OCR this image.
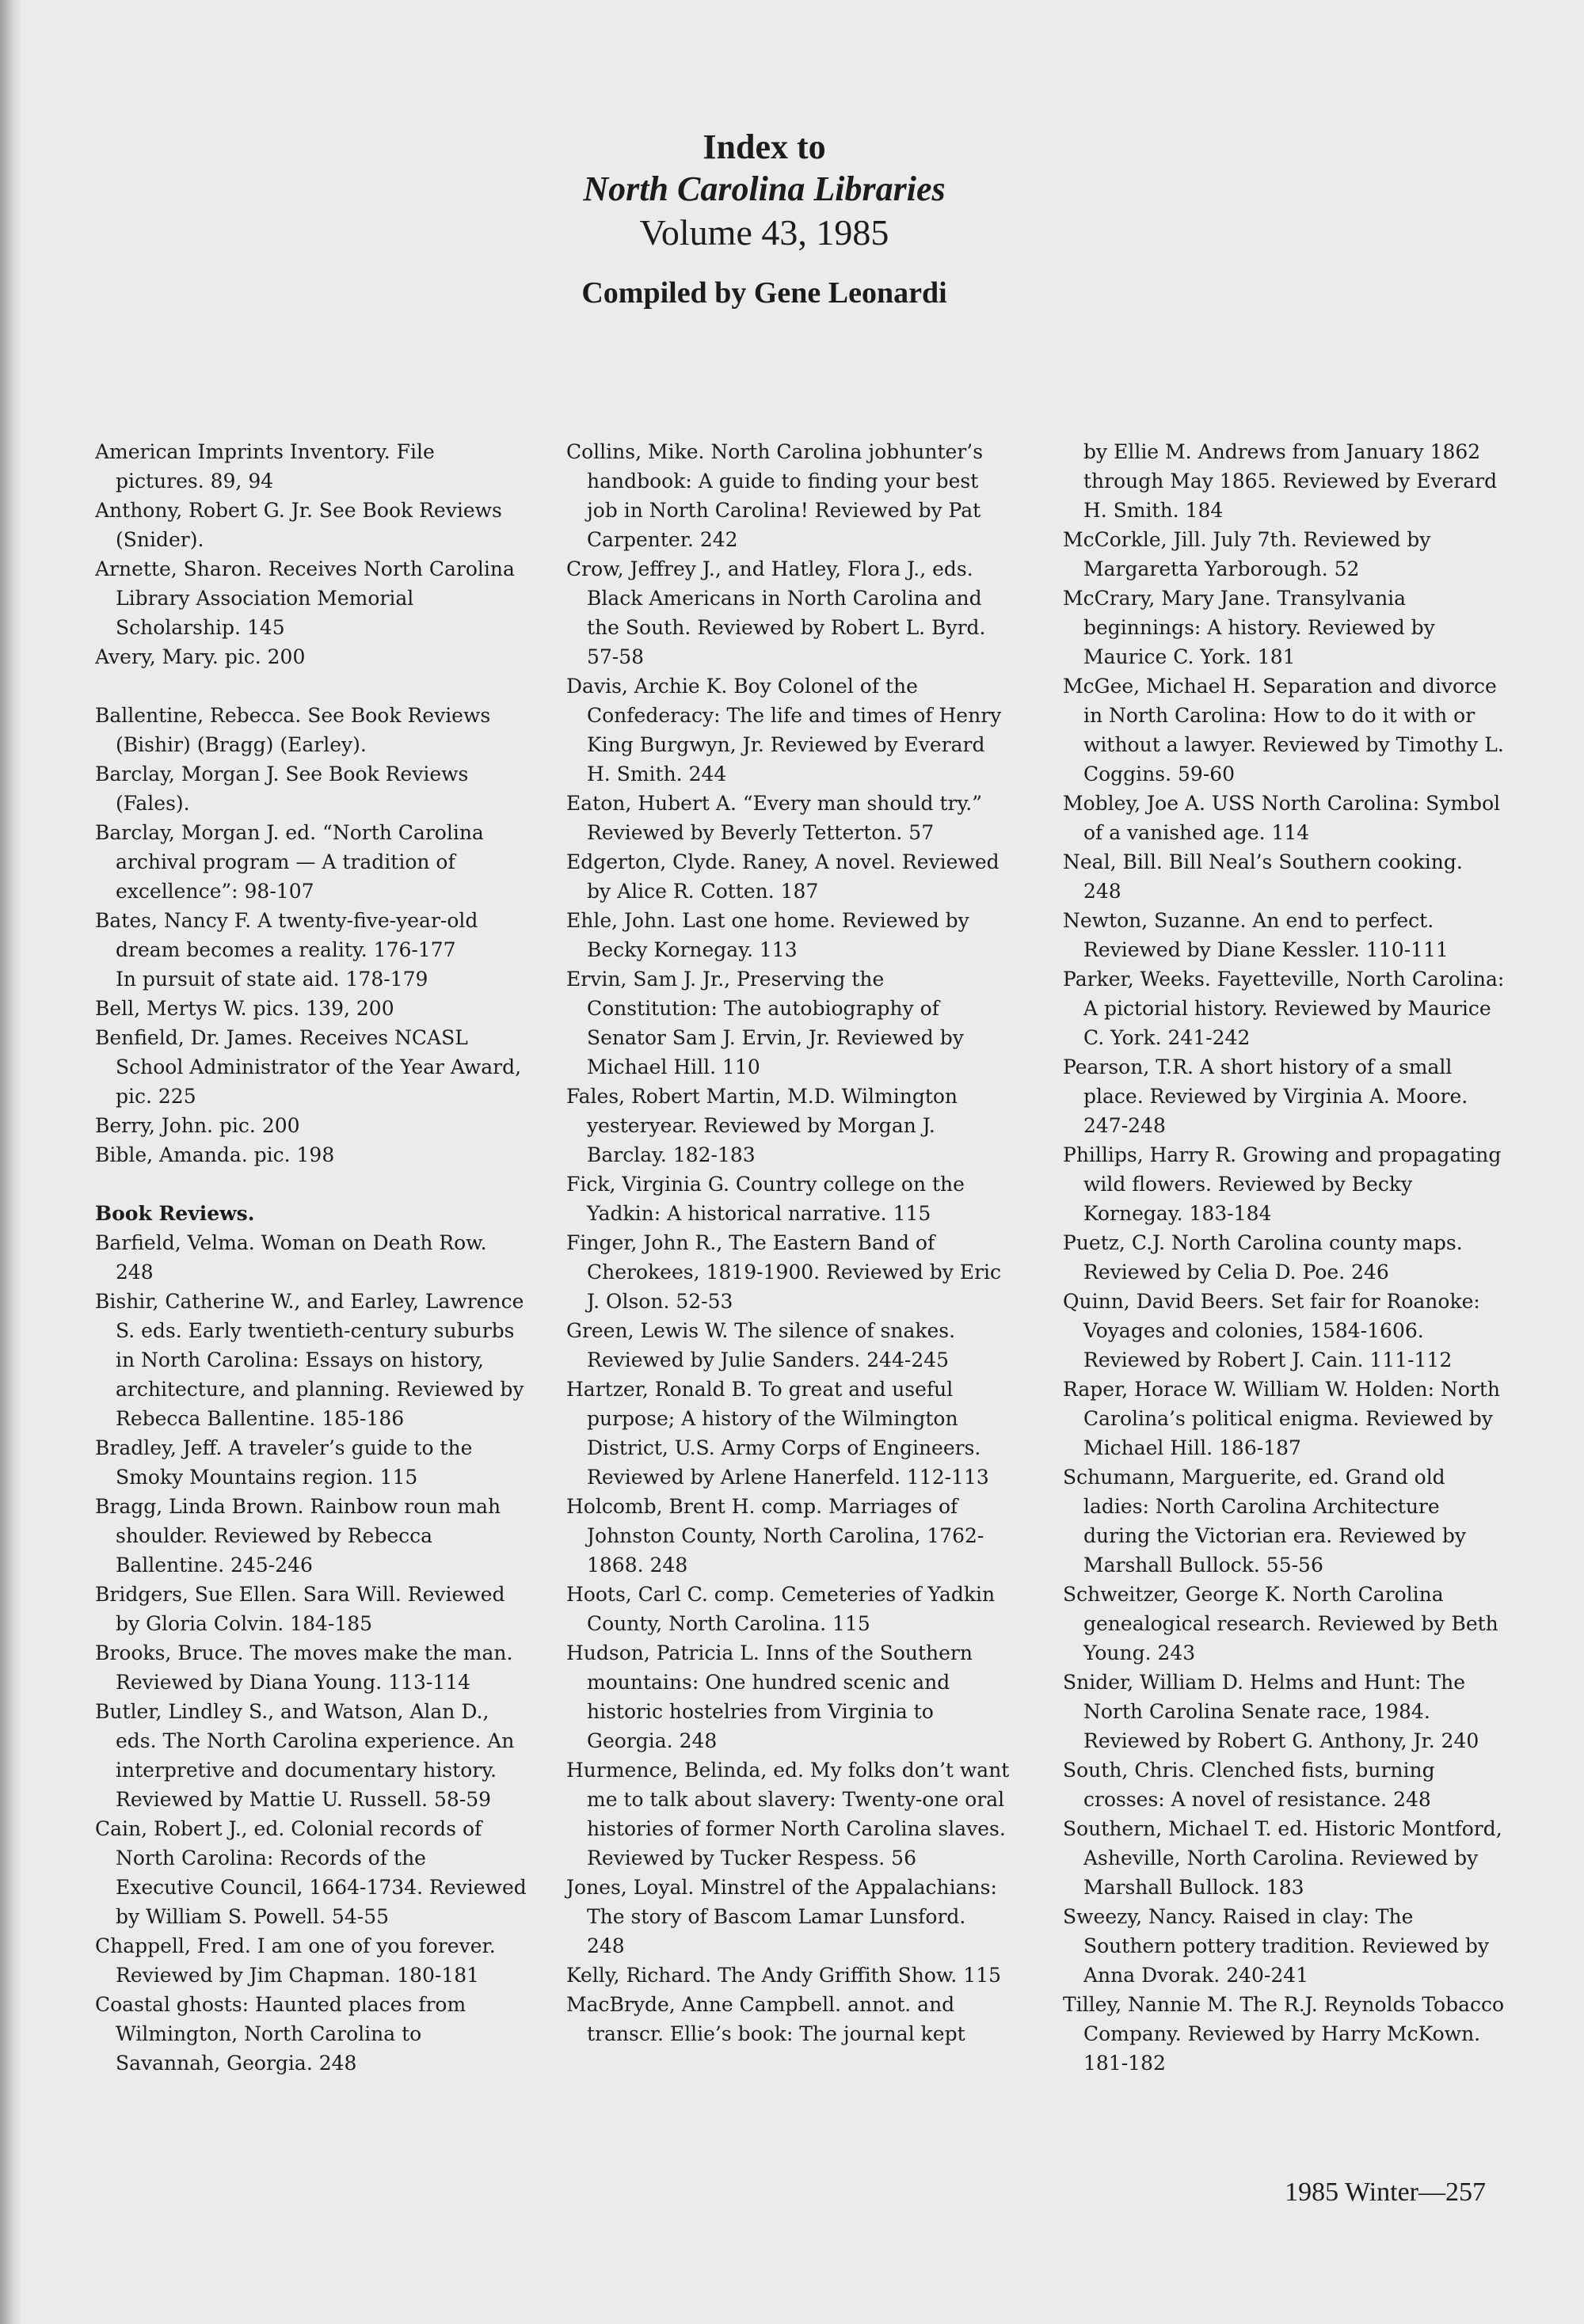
Index to
North Carolina Libraries
Volume 43, 1985
Compiled by Gene Leonardi

American Imprints Inventory. File pictures. 89, 94

Anthony, Robert G. Jr. See Book Reviews (Snider).

Arnette, Sharon. Receives North Carolina Library Association Memorial Scholarship. 145

Avery, Mary. pic. 200

Ballentine, Rebecca. See Book Reviews (Bishir) (Bragg) (Earley).

Barclay, Morgan J. See Book Reviews (Fales).

Barclay, Morgan J. ed. “North Carolina archival program — A tradition of excellence”: 98-107

Bates, Nancy F. A twenty-five-year-old dream becomes a reality. 176-177

In pursuit of state aid. 178-179

Bell, Mertys W. pics. 139, 200

Benfield, Dr. James. Receives NCASL School Administrator of the Year Award, pic. 225

Berry, John. pic. 200

Bible, Amanda. pic. 198

Book Reviews.

Barfield, Velma. Woman on Death Row. 248

Bishir, Catherine W., and Earley, Lawrence S. eds. Early twentieth-century suburbs in North Carolina: Essays on history, architecture, and planning. Reviewed by Rebecca Ballentine. 185-186

Bradley, Jeff. A traveler’s guide to the Smoky Mountains region. 115

Bragg, Linda Brown. Rainbow roun mah shoulder. Reviewed by Rebecca Ballentine. 245-246

Bridgers, Sue Ellen. Sara Will. Reviewed by Gloria Colvin. 184-185

Brooks, Bruce. The moves make the man. Reviewed by Diana Young. 113-114

Butler, Lindley S., and Watson, Alan D., eds. The North Carolina experience. An interpretive and documentary history. Reviewed by Mattie U. Russell. 58-59

Cain, Robert J., ed. Colonial records of North Carolina: Records of the Executive Council, 1664-1734. Reviewed by William S. Powell. 54-55

Chappell, Fred. I am one of you forever. Reviewed by Jim Chapman. 180-181

Coastal ghosts: Haunted places from Wilmington, North Carolina to Savannah, Georgia. 248

Collins, Mike. North Carolina jobhunter’s handbook: A guide to finding your best job in North Carolina! Reviewed by Pat Carpenter. 242

Crow, Jeffrey J., and Hatley, Flora J., eds. Black Americans in North Carolina and the South. Reviewed by Robert L. Byrd. 57-58

Davis, Archie K. Boy Colonel of the Confederacy: The life and times of Henry King Burgwyn, Jr. Reviewed by Everard H. Smith. 244

Eaton, Hubert A. “Every man should try.” Reviewed by Beverly Tetterton. 57

Edgerton, Clyde. Raney, A novel. Reviewed by Alice R. Cotten. 187

Ehle, John. Last one home. Reviewed by Becky Kornegay. 113

Ervin, Sam J. Jr., Preserving the Constitution: The autobiography of Senator Sam J. Ervin, Jr. Reviewed by Michael Hill. 110

Fales, Robert Martin, M.D. Wilmington yesteryear. Reviewed by Morgan J. Barclay. 182-183

Fick, Virginia G. Country college on the Yadkin: A historical narrative. 115

Finger, John R., The Eastern Band of Cherokees, 1819-1900. Reviewed by Eric J. Olson. 52-53

Green, Lewis W. The silence of snakes. Reviewed by Julie Sanders. 244-245

Hartzer, Ronald B. To great and useful purpose; A history of the Wilmington District, U.S. Army Corps of Engineers. Reviewed by Arlene Hanerfeld. 112-113

Holcomb, Brent H. comp. Marriages of Johnston County, North Carolina, 1762-1868. 248

Hoots, Carl C. comp. Cemeteries of Yadkin County, North Carolina. 115

Hudson, Patricia L. Inns of the Southern mountains: One hundred scenic and historic hostelries from Virginia to Georgia. 248

Hurmence, Belinda, ed. My folks don’t want me to talk about slavery: Twenty-one oral histories of former North Carolina slaves. Reviewed by Tucker Respess. 56

Jones, Loyal. Minstrel of the Appalachians: The story of Bascom Lamar Lunsford. 248

Kelly, Richard. The Andy Griffith Show. 115

MacBryde, Anne Campbell. annot. and transcr. Ellie’s book: The journal kept

by Ellie M. Andrews from January 1862 through May 1865. Reviewed by Everard H. Smith. 184

McCorkle, Jill. July 7th. Reviewed by Margaretta Yarborough. 52

McCrary, Mary Jane. Transylvania beginnings: A history. Reviewed by Maurice C. York. 181

McGee, Michael H. Separation and divorce in North Carolina: How to do it with or without a lawyer. Reviewed by Timothy L. Coggins. 59-60

Mobley, Joe A. USS North Carolina: Symbol of a vanished age. 114

Neal, Bill. Bill Neal’s Southern cooking. 248

Newton, Suzanne. An end to perfect. Reviewed by Diane Kessler. 110-111

Parker, Weeks. Fayetteville, North Carolina: A pictorial history. Reviewed by Maurice C. York. 241-242

Pearson, T.R. A short history of a small place. Reviewed by Virginia A. Moore. 247-248

Phillips, Harry R. Growing and propagating wild flowers. Reviewed by Becky Kornegay. 183-184

Puetz, C.J. North Carolina county maps. Reviewed by Celia D. Poe. 246

Quinn, David Beers. Set fair for Roanoke: Voyages and colonies, 1584-1606. Reviewed by Robert J. Cain. 111-112

Raper, Horace W. William W. Holden: North Carolina’s political enigma. Reviewed by Michael Hill. 186-187

Schumann, Marguerite, ed. Grand old ladies: North Carolina Architecture during the Victorian era. Reviewed by Marshall Bullock. 55-56

Schweitzer, George K. North Carolina genealogical research. Reviewed by Beth Young. 243

Snider, William D. Helms and Hunt: The North Carolina Senate race, 1984. Reviewed by Robert G. Anthony, Jr. 240

South, Chris. Clenched fists, burning crosses: A novel of resistance. 248

Southern, Michael T. ed. Historic Montford, Asheville, North Carolina. Reviewed by Marshall Bullock. 183

Sweezy, Nancy. Raised in clay: The Southern pottery tradition. Reviewed by Anna Dvorak. 240-241

Tilley, Nannie M. The R.J. Reynolds Tobacco Company. Reviewed by Harry McKown. 181-182

1985 Winter—257
